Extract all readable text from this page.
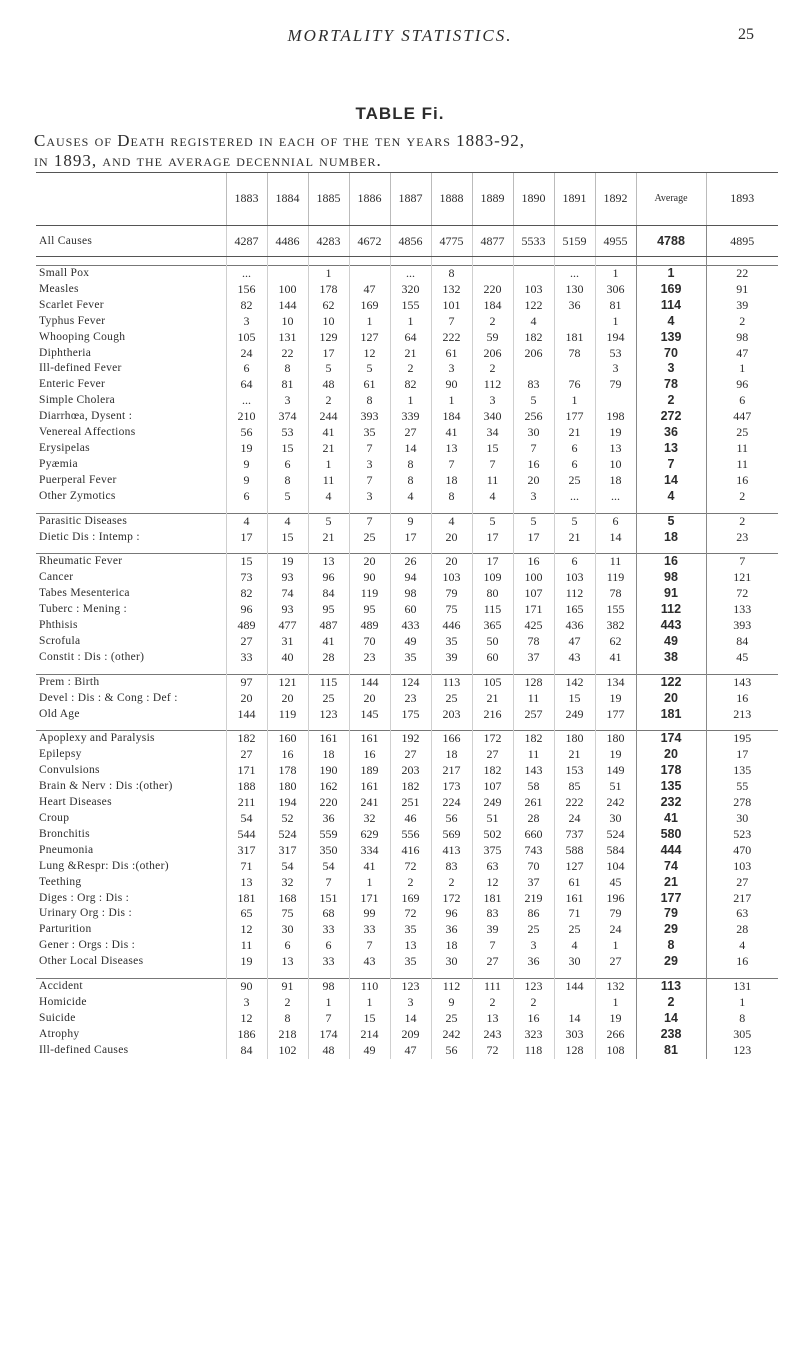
MORTALITY STATISTICS.	25
TABLE Fi.
Causes of Death registered in each of the ten years 1883-92,
in 1893, and the average decennial number.
	1883	1884	1885	1886	1887	1888	1889	1890	1891	1892	Average	1893
All Causes	4287	4486	4283	4672	4856	4775	4877	5533	5159	4955	4788	4895

Small Pox	...		1		...	8			...	1	1	22
Measles	156	100	178	47	320	132	220	103	130	306	169	91
Scarlet Fever	82	144	62	169	155	101	184	122	36	81	114	39
Typhus Fever	3	10	10	1	1	7	2	4		1	4	2
Whooping Cough	105	131	129	127	64	222	59	182	181	194	139	98
Diphtheria	24	22	17	12	21	61	206	206	78	53	70	47
Ill-defined Fever	6	8	5	5	2	3	2			3	3	1
Enteric Fever	64	81	48	61	82	90	112	83	76	79	78	96
Simple Cholera	...	3	2	8	1	1	3	5	1		2	6
Diarrhœa, Dysent :	210	374	244	393	339	184	340	256	177	198	272	447
Venereal Affections	56	53	41	35	27	41	34	30	21	19	36	25
Erysipelas	19	15	21	7	14	13	15	7	6	13	13	11
Pyæmia	9	6	1	3	8	7	7	16	6	10	7	11
Puerperal Fever	9	8	11	7	8	18	11	20	25	18	14	16
Other Zymotics	6	5	4	3	4	8	4	3	...	...	4	2

Parasitic Diseases	4	4	5	7	9	4	5	5	5	6	5	2
Dietic Dis : Intemp :	17	15	21	25	17	20	17	17	21	14	18	23

Rheumatic Fever	15	19	13	20	26	20	17	16	6	11	16	7
Cancer	73	93	96	90	94	103	109	100	103	119	98	121
Tabes Mesenterica	82	74	84	119	98	79	80	107	112	78	91	72
Tuberc : Mening :	96	93	95	95	60	75	115	171	165	155	112	133
Phthisis	489	477	487	489	433	446	365	425	436	382	443	393
Scrofula	27	31	41	70	49	35	50	78	47	62	49	84
Constit : Dis : (other)	33	40	28	23	35	39	60	37	43	41	38	45

Prem : Birth	97	121	115	144	124	113	105	128	142	134	122	143
Devel : Dis : & Cong : Def :	20	20	25	20	23	25	21	11	15	19	20	16
Old Age	144	119	123	145	175	203	216	257	249	177	181	213

Apoplexy and Paralysis	182	160	161	161	192	166	172	182	180	180	174	195
Epilepsy	27	16	18	16	27	18	27	11	21	19	20	17
Convulsions	171	178	190	189	203	217	182	143	153	149	178	135
Brain & Nerv : Dis :(other)	188	180	162	161	182	173	107	58	85	51	135	55
Heart Diseases	211	194	220	241	251	224	249	261	222	242	232	278
Croup	54	52	36	32	46	56	51	28	24	30	41	30
Bronchitis	544	524	559	629	556	569	502	660	737	524	580	523
Pneumonia	317	317	350	334	416	413	375	743	588	584	444	470
Lung &Respr: Dis :(other)	71	54	54	41	72	83	63	70	127	104	74	103
Teething	13	32	7	1	2	2	12	37	61	45	21	27
Diges : Org : Dis :	181	168	151	171	169	172	181	219	161	196	177	217
Urinary Org : Dis :	65	75	68	99	72	96	83	86	71	79	79	63
Parturition	12	30	33	33	35	36	39	25	25	24	29	28
Gener : Orgs : Dis :	11	6	6	7	13	18	7	3	4	1	8	4
Other Local Diseases	19	13	33	43	35	30	27	36	30	27	29	16

Accident	90	91	98	110	123	112	111	123	144	132	113	131
Homicide	3	2	1	1	3	9	2	2		1	2	1
Suicide	12	8	7	15	14	25	13	16	14	19	14	8
Atrophy	186	218	174	214	209	242	243	323	303	266	238	305
Ill-defined Causes	84	102	48	49	47	56	72	118	128	108	81	123
